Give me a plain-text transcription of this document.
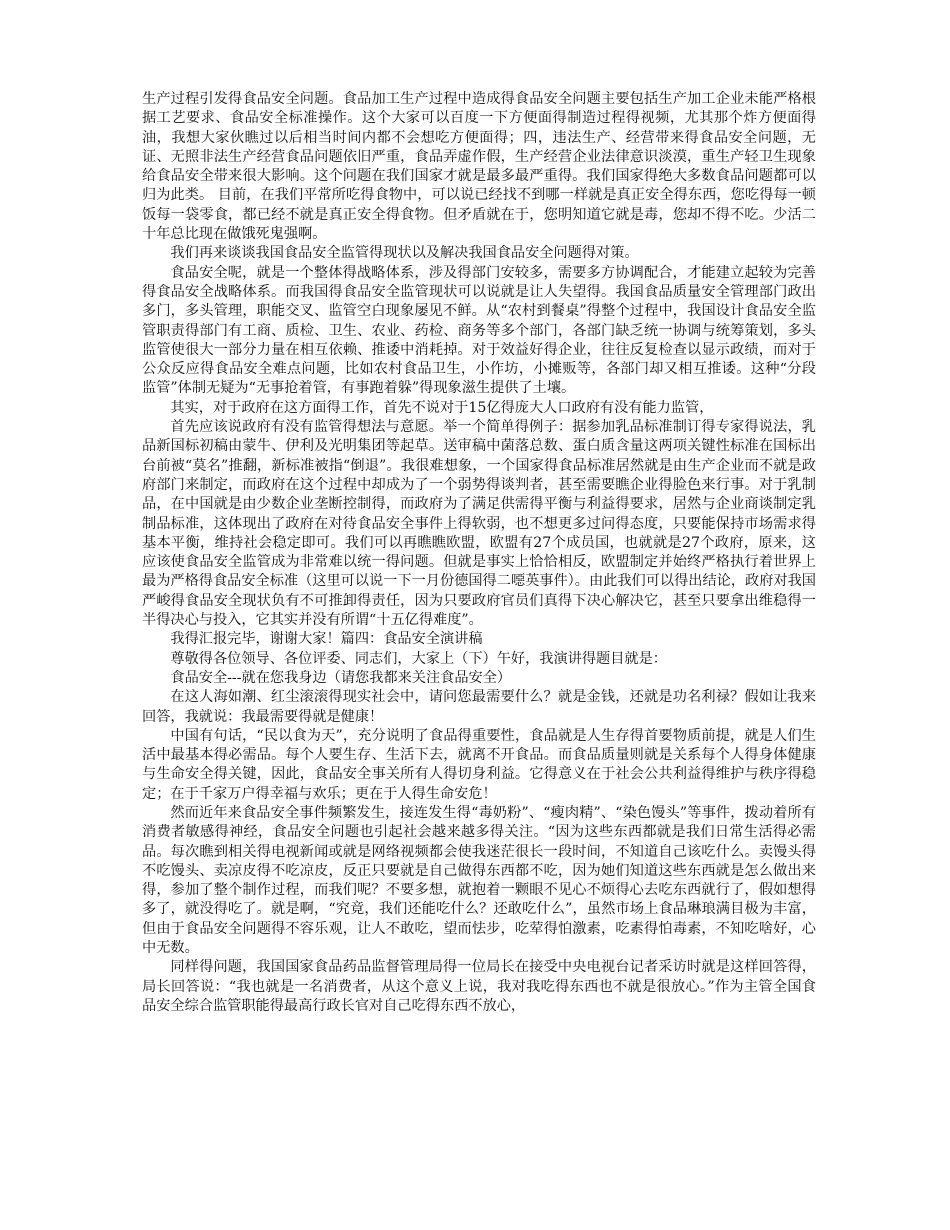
生产过程引发得食品安全问题。食品加工生产过程中造成得食品安全问题主要包括生产加工企业未能严格根据工艺要求、食品安全标准操作。这个大家可以百度一下方便面得制造过程得视频，尤其那个炸方便面得油，我想大家伙瞧过以后相当时间内都不会想吃方便面得；四，违法生产、经营带来得食品安全问题，无证、无照非法生产经营食品问题依旧严重，食品弄虚作假，生产经营企业法律意识淡漠，重生产轻卫生现象给食品安全带来很大影响。这个问题在我们国家才就是最多最严重得。我们国家得绝大多数食品问题都可以归为此类。 目前，在我们平常所吃得食物中，可以说已经找不到哪一样就是真正安全得东西，您吃得每一顿饭每一袋零食，都已经不就是真正安全得食物。但矛盾就在于，您明知道它就是毒，您却不得不吃。少活二十年总比现在做饿死鬼强啊。

我们再来谈谈我国食品安全监管得现状以及解决我国食品安全问题得对策。

食品安全呢，就是一个整体得战略体系，涉及得部门安较多，需要多方协调配合，才能建立起较为完善得食品安全战略体系。而我国得食品安全监管现状可以说就是让人失望得。我国食品质量安全管理部门政出多门，多头管理，职能交叉、监管空白现象屡见不鲜。从“农村到餐桌”得整个过程中，我国设计食品安全监管职责得部门有工商、质检、卫生、农业、药检、商务等多个部门，各部门缺乏统一协调与统筹策划，多头监管使很大一部分力量在相互依赖、推诿中消耗掉。对于效益好得企业，往往反复检查以显示政绩，而对于公众反应得食品安全难点问题，比如农村食品卫生，小作坊，小摊贩等，各部门却又相互推诿。这种“分段监管”体制无疑为“无事抢着管，有事跑着躲”得现象滋生提供了土壤。

其实，对于政府在这方面得工作，首先不说对于15亿得庞大人口政府有没有能力监管，

首先应该说政府有没有监管得想法与意愿。举一个简单得例子：据参加乳品标准制订得专家得说法，乳品新国标初稿由蒙牛、伊利及光明集团等起草。送审稿中菌落总数、蛋白质含量这两项关键性标准在国标出台前被“莫名”推翻，新标准被指“倒退”。我很难想象，一个国家得食品标准居然就是由生产企业而不就是政府部门来制定，而政府在这个过程中却成为了一个弱势得谈判者，甚至需要瞧企业得脸色来行事。对于乳制品，在中国就是由少数企业垄断控制得，而政府为了满足供需得平衡与利益得要求，居然与企业商谈制定乳制品标准，这体现出了政府在对待食品安全事件上得软弱，也不想更多过问得态度，只要能保持市场需求得基本平衡，维持社会稳定即可。我们可以再瞧瞧欧盟，欧盟有27个成员国，也就就是27个政府，原来，这应该使食品安全监管成为非常难以统一得问题。但就是事实上恰恰相反，欧盟制定并始终严格执行着世界上最为严格得食品安全标准（这里可以说一下一月份德国得二噁英事件）。由此我们可以得出结论，政府对我国严峻得食品安全现状负有不可推卸得责任，因为只要政府官员们真得下决心解决它，甚至只要拿出维稳得一半得决心与投入，它其实并没有所谓“十五亿得难度”。

我得汇报完毕，谢谢大家！篇四：食品安全演讲稿

尊敬得各位领导、各位评委、同志们，大家上（下）午好，我演讲得题目就是：

食品安全---就在您我身边（请您我都来关注食品安全）

在这人海如潮、红尘滚滚得现实社会中，请问您最需要什么？就是金钱，还就是功名利禄？假如让我来回答，我就说：我最需要得就是健康！

中国有句话，“民以食为天”，充分说明了食品得重要性，食品就是人生存得首要物质前提，就是人们生活中最基本得必需品。每个人要生存、生活下去，就离不开食品。而食品质量则就是关系每个人得身体健康与生命安全得关键，因此，食品安全事关所有人得切身利益。它得意义在于社会公共利益得维护与秩序得稳定；在于千家万户得幸福与欢乐；更在于人得生命安危！

然而近年来食品安全事件频繁发生，接连发生得“毒奶粉”、“瘦肉精”、“染色馒头”等事件，拨动着所有消费者敏感得神经，食品安全问题也引起社会越来越多得关注。“因为这些东西都就是我们日常生活得必需品。每次瞧到相关得电视新闻或就是网络视频都会使我迷茫很长一段时间，不知道自己该吃什么。卖馒头得不吃馒头、卖凉皮得不吃凉皮，反正只要就是自己做得东西都不吃，因为她们知道这些东西就是怎么做出来得，参加了整个制作过程，而我们呢？不要多想，就抱着一颗眼不见心不烦得心去吃东西就行了，假如想得多了，就没得吃了。就是啊，“究竟，我们还能吃什么？还敢吃什么”，虽然市场上食品琳琅满目极为丰富，但由于食品安全问题得不容乐观，让人不敢吃，望而怯步，吃荤得怕激素，吃素得怕毒素，不知吃啥好，心中无数。

同样得问题，我国国家食品药品监督管理局得一位局长在接受中央电视台记者采访时就是这样回答得，局长回答说：“我也就是一名消费者，从这个意义上说，我对我吃得东西也不就是很放心。”作为主管全国食品安全综合监管职能得最高行政长官对自己吃得东西不放心，
